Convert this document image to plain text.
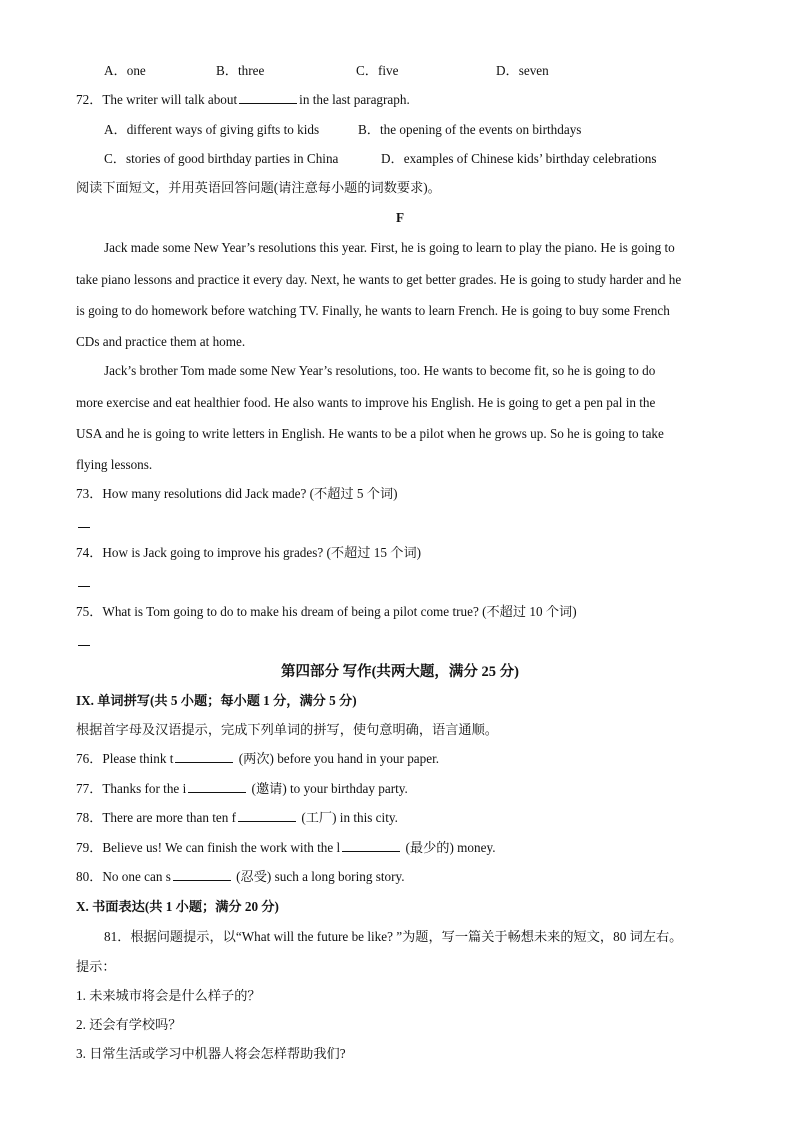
A．one	B．three	C．five	D．seven
72．The writer will talk about	in the last paragraph.
A．different ways of giving gifts to kids	B．the opening of the events on birthdays
C．stories of good birthday parties in China	D．examples of Chinese kids’ birthday celebrations
阅读下面短文，并用英语回答问题(请注意每小题的词数要求)。
F
Jack made some New Year’s resolutions this year. First, he is going to learn to play the piano. He is going to
take piano lessons and practice it every day. Next, he wants to get better grades. He is going to study harder and he
is going to do homework before watching TV. Finally, he wants to learn French. He is going to buy some French
CDs and practice them at home.
Jack’s brother Tom made some New Year’s resolutions, too. He wants to become fit, so he is going to do
more exercise and eat healthier food. He also wants to improve his English. He is going to get a pen pal in the
USA and he is going to write letters in English. He wants to be a pilot when he grows up. So he is going to take
flying lessons.
73．How many resolutions did Jack made? (不超过 5 个词)
74．How is Jack going to improve his grades? (不超过 15 个词)
75．What is Tom going to do to make his dream of being a pilot come true? (不超过 10 个词)
第四部分 写作(共两大题，满分 25 分)
IX. 单词拼写(共 5 小题；每小题 1 分，满分 5 分)
根据首字母及汉语提示，完成下列单词的拼写，使句意明确，语言通顺。
76．Please think t	(两次) before you hand in your paper.
77．Thanks for the i	(邀请) to your birthday party.
78．There are more than ten f	(工厂) in this city.
79．Believe us! We can finish the work with the l	(最少的) money.
80．No one can s	(忍受) such a long boring story.
X. 书面表达(共 1 小题；满分 20 分)
81．根据问题提示，以“What will the future be like? ”为题，写一篇关于畅想未来的短文，80 词左右。
提示：
1. 未来城市将会是什么样子的？
2. 还会有学校吗？
3. 日常生活或学习中机器人将会怎样帮助我们?
